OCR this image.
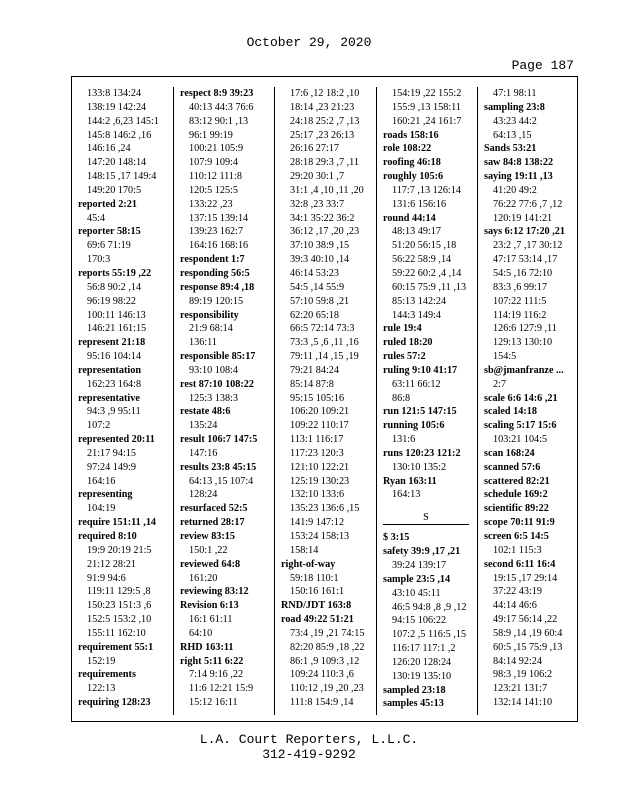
October 29, 2020
Page 187
133:8 134:24
138:19 142:24
144:2 ,6,23 145:1
145:8 146:2 ,16
146:16 ,24
147:20 148:14
148:15 ,17 149:4
149:20 170:5
reported 2:21
45:4
reporter 58:15
69:6 71:19
170:3
reports 55:19 ,22
56:8 90:2 ,14
96:19 98:22
100:11 146:13
146:21 161:15
represent 21:18
95:16 104:14
representation
162:23 164:8
representative
94:3 ,9 95:11
107:2
represented 20:11
21:17 94:15
97:24 149:9
164:16
representing
104:19
require 151:11 ,14
required 8:10
19:9 20:19 21:5
21:12 28:21
91:9 94:6
119:11 129:5 ,8
150:23 151:3 ,6
152:5 153:2 ,10
155:11 162:10
requirement 55:1
152:19
requirements
122:13
requiring 128:23
respect 8:9 39:23
40:13 44:3 76:6
83:12 90:1 ,13
96:1 99:19
100:21 105:9
107:9 109:4
110:12 111:8
120:5 125:5
133:22 ,23
137:15 139:14
139:23 162:7
164:16 168:16
respondent 1:7
responding 56:5
response 89:4 ,18
89:19 120:15
responsibility
21:9 68:14
136:11
responsible 85:17
93:10 108:4
rest 87:10 108:22
125:3 138:3
restate 48:6
135:24
result 106:7 147:5
147:16
results 23:8 45:15
64:13 ,15 107:4
128:24
resurfaced 52:5
returned 28:17
review 83:15
150:1 ,22
reviewed 64:8
161:20
reviewing 83:12
Revision 6:13
16:1 61:11
64:10
RHD 163:11
right 5:11 6:22
7:14 9:16 ,22
11:6 12:21 15:9
15:12 16:11
17:6 ,12 18:2 ,10
18:14 ,23 21:23
24:18 25:2 ,7 ,13
25:17 ,23 26:13
26:16 27:17
28:18 29:3 ,7 ,11
29:20 30:1 ,7
31:1 ,4 ,10 ,11 ,20
32:8 ,23 33:7
34:1 35:22 36:2
36:12 ,17 ,20 ,23
37:10 38:9 ,15
39:3 40:10 ,14
46:14 53:23
54:5 ,14 55:9
57:10 59:8 ,21
62:20 65:18
66:5 72:14 73:3
73:3 ,5 ,6 ,11 ,16
79:11 ,14 ,15 ,19
79:21 84:24
85:14 87:8
95:15 105:16
106:20 109:21
109:22 110:17
113:1 116:17
117:23 120:3
121:10 122:21
125:19 130:23
132:10 133:6
135:23 136:6 ,15
141:9 147:12
153:24 158:13
158:14
right-of-way
59:18 110:1
150:16 161:1
RND/JDT 163:8
road 49:22 51:21
73:4 ,19 ,21 74:15
82:20 85:9 ,18 ,22
86:1 ,9 109:3 ,12
109:24 110:3 ,6
110:12 ,19 ,20 ,23
111:8 154:9 ,14
154:19 ,22 155:2
155:9 ,13 158:11
160:21 ,24 161:7
roads 158:16
role 108:22
roofing 46:18
roughly 105:6
117:7 ,13 126:14
131:6 156:16
round 44:14
48:13 49:17
51:20 56:15 ,18
56:22 58:9 ,14
59:22 60:2 ,4 ,14
60:15 75:9 ,11 ,13
85:13 142:24
144:3 149:4
rule 19:4
ruled 18:20
rules 57:2
ruling 9:10 41:17
63:11 66:12
86:8
run 121:5 147:15
running 105:6
131:6
runs 120:23 121:2
130:10 135:2
Ryan 163:11
164:13
S
$ 3:15
safety 39:9 ,17 ,21
39:24 139:17
sample 23:5 ,14
43:10 45:11
46:5 94:8 ,8 ,9 ,12
94:15 106:22
107:2 ,5 116:5 ,15
116:17 117:1 ,2
126:20 128:24
130:19 135:10
sampled 23:18
samples 45:13
47:1 98:11
sampling 23:8
43:23 44:2
64:13 ,15
Sands 53:21
saw 84:8 138:22
saying 19:11 ,13
41:20 49:2
76:22 77:6 ,7 ,12
120:19 141:21
says 6:12 17:20 ,21
23:2 ,7 ,17 30:12
47:17 53:14 ,17
54:5 ,16 72:10
83:3 ,6 99:17
107:22 111:5
114:19 116:2
126:6 127:9 ,11
129:13 130:10
154:5
sb@jmanfranze ...
2:7
scale 6:6 14:6 ,21
scaled 14:18
scaling 5:17 15:6
103:21 104:5
scan 168:24
scanned 57:6
scattered 82:21
schedule 169:2
scientific 89:22
scope 70:11 91:9
screen 6:5 14:5
102:1 115:3
second 6:11 16:4
19:15 ,17 29:14
37:22 43:19
44:14 46:6
49:17 56:14 ,22
58:9 ,14 ,19 60:4
60:5 ,15 75:9 ,13
84:14 92:24
98:3 ,19 106:2
123:21 131:7
132:14 141:10
L.A. Court Reporters, L.L.C.
312-419-9292
